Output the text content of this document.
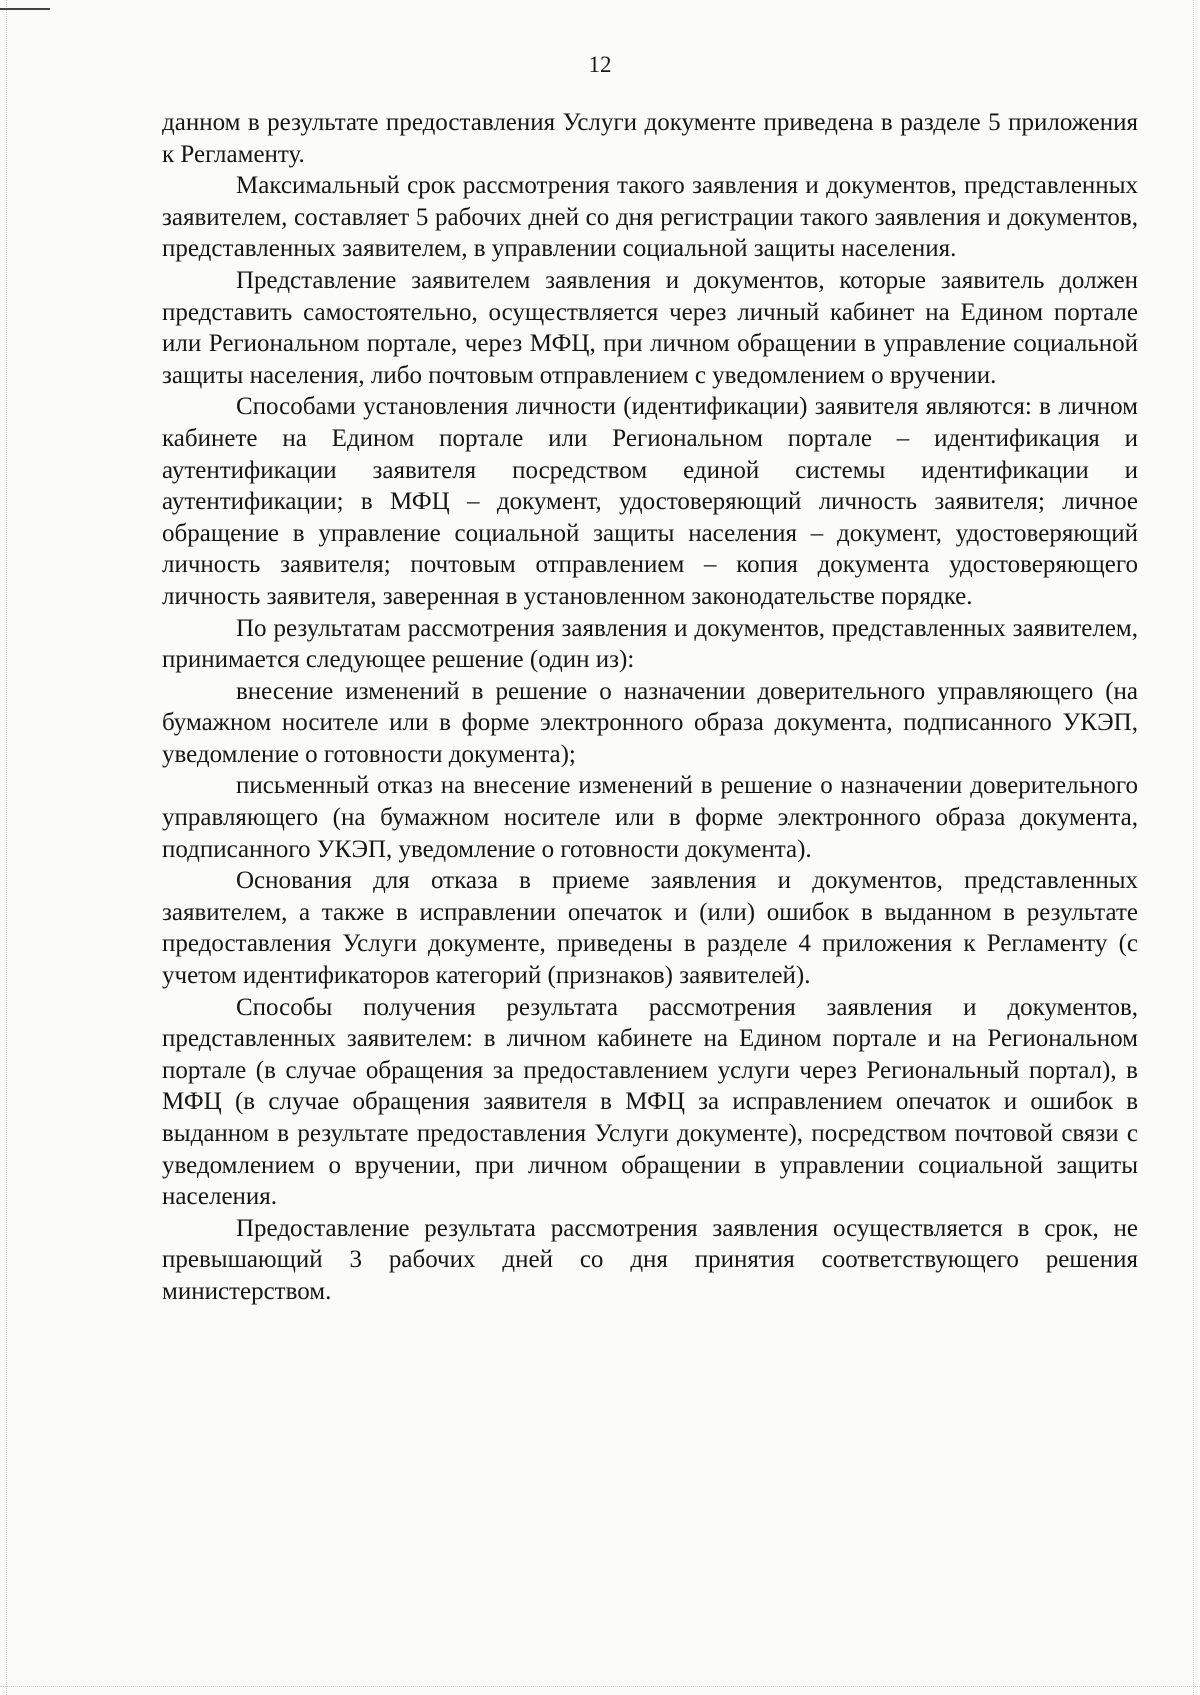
12

данном в результате предоставления Услуги документе приведена в разделе 5 приложения к Регламенту.

Максимальный срок рассмотрения такого заявления и документов, представленных заявителем, составляет 5 рабочих дней со дня регистрации такого заявления и документов, представленных заявителем, в управлении социальной защиты населения.

Представление заявителем заявления и документов, которые заявитель должен представить самостоятельно, осуществляется через личный кабинет на Едином портале или Региональном портале, через МФЦ, при личном обращении в управление социальной защиты населения, либо почтовым отправлением с уведомлением о вручении.

Способами установления личности (идентификации) заявителя являются: в личном кабинете на Едином портале или Региональном портале – идентификация и аутентификации заявителя посредством единой системы идентификации и аутентификации; в МФЦ – документ, удостоверяющий личность заявителя; личное обращение в управление социальной защиты населения – документ, удостоверяющий личность заявителя; почтовым отправлением – копия документа удостоверяющего личность заявителя, заверенная в установленном законодательстве порядке.

По результатам рассмотрения заявления и документов, представленных заявителем, принимается следующее решение (один из):

внесение изменений в решение о назначении доверительного управляющего (на бумажном носителе или в форме электронного образа документа, подписанного УКЭП, уведомление о готовности документа);

письменный отказ на внесение изменений в решение о назначении доверительного управляющего (на бумажном носителе или в форме электронного образа документа, подписанного УКЭП, уведомление о готовности документа).

Основания для отказа в приеме заявления и документов, представленных заявителем, а также в исправлении опечаток и (или) ошибок в выданном в результате предоставления Услуги документе, приведены в разделе 4 приложения к Регламенту (с учетом идентификаторов категорий (признаков) заявителей).

Способы получения результата рассмотрения заявления и документов, представленных заявителем: в личном кабинете на Едином портале и на Региональном портале (в случае обращения за предоставлением услуги через Региональный портал), в МФЦ (в случае обращения заявителя в МФЦ за исправлением опечаток и ошибок в выданном в результате предоставления Услуги документе), посредством почтовой связи с уведомлением о вручении, при личном обращении в управлении социальной защиты населения.

Предоставление результата рассмотрения заявления осуществляется в срок, не превышающий 3 рабочих дней со дня принятия соответствующего решения министерством.
